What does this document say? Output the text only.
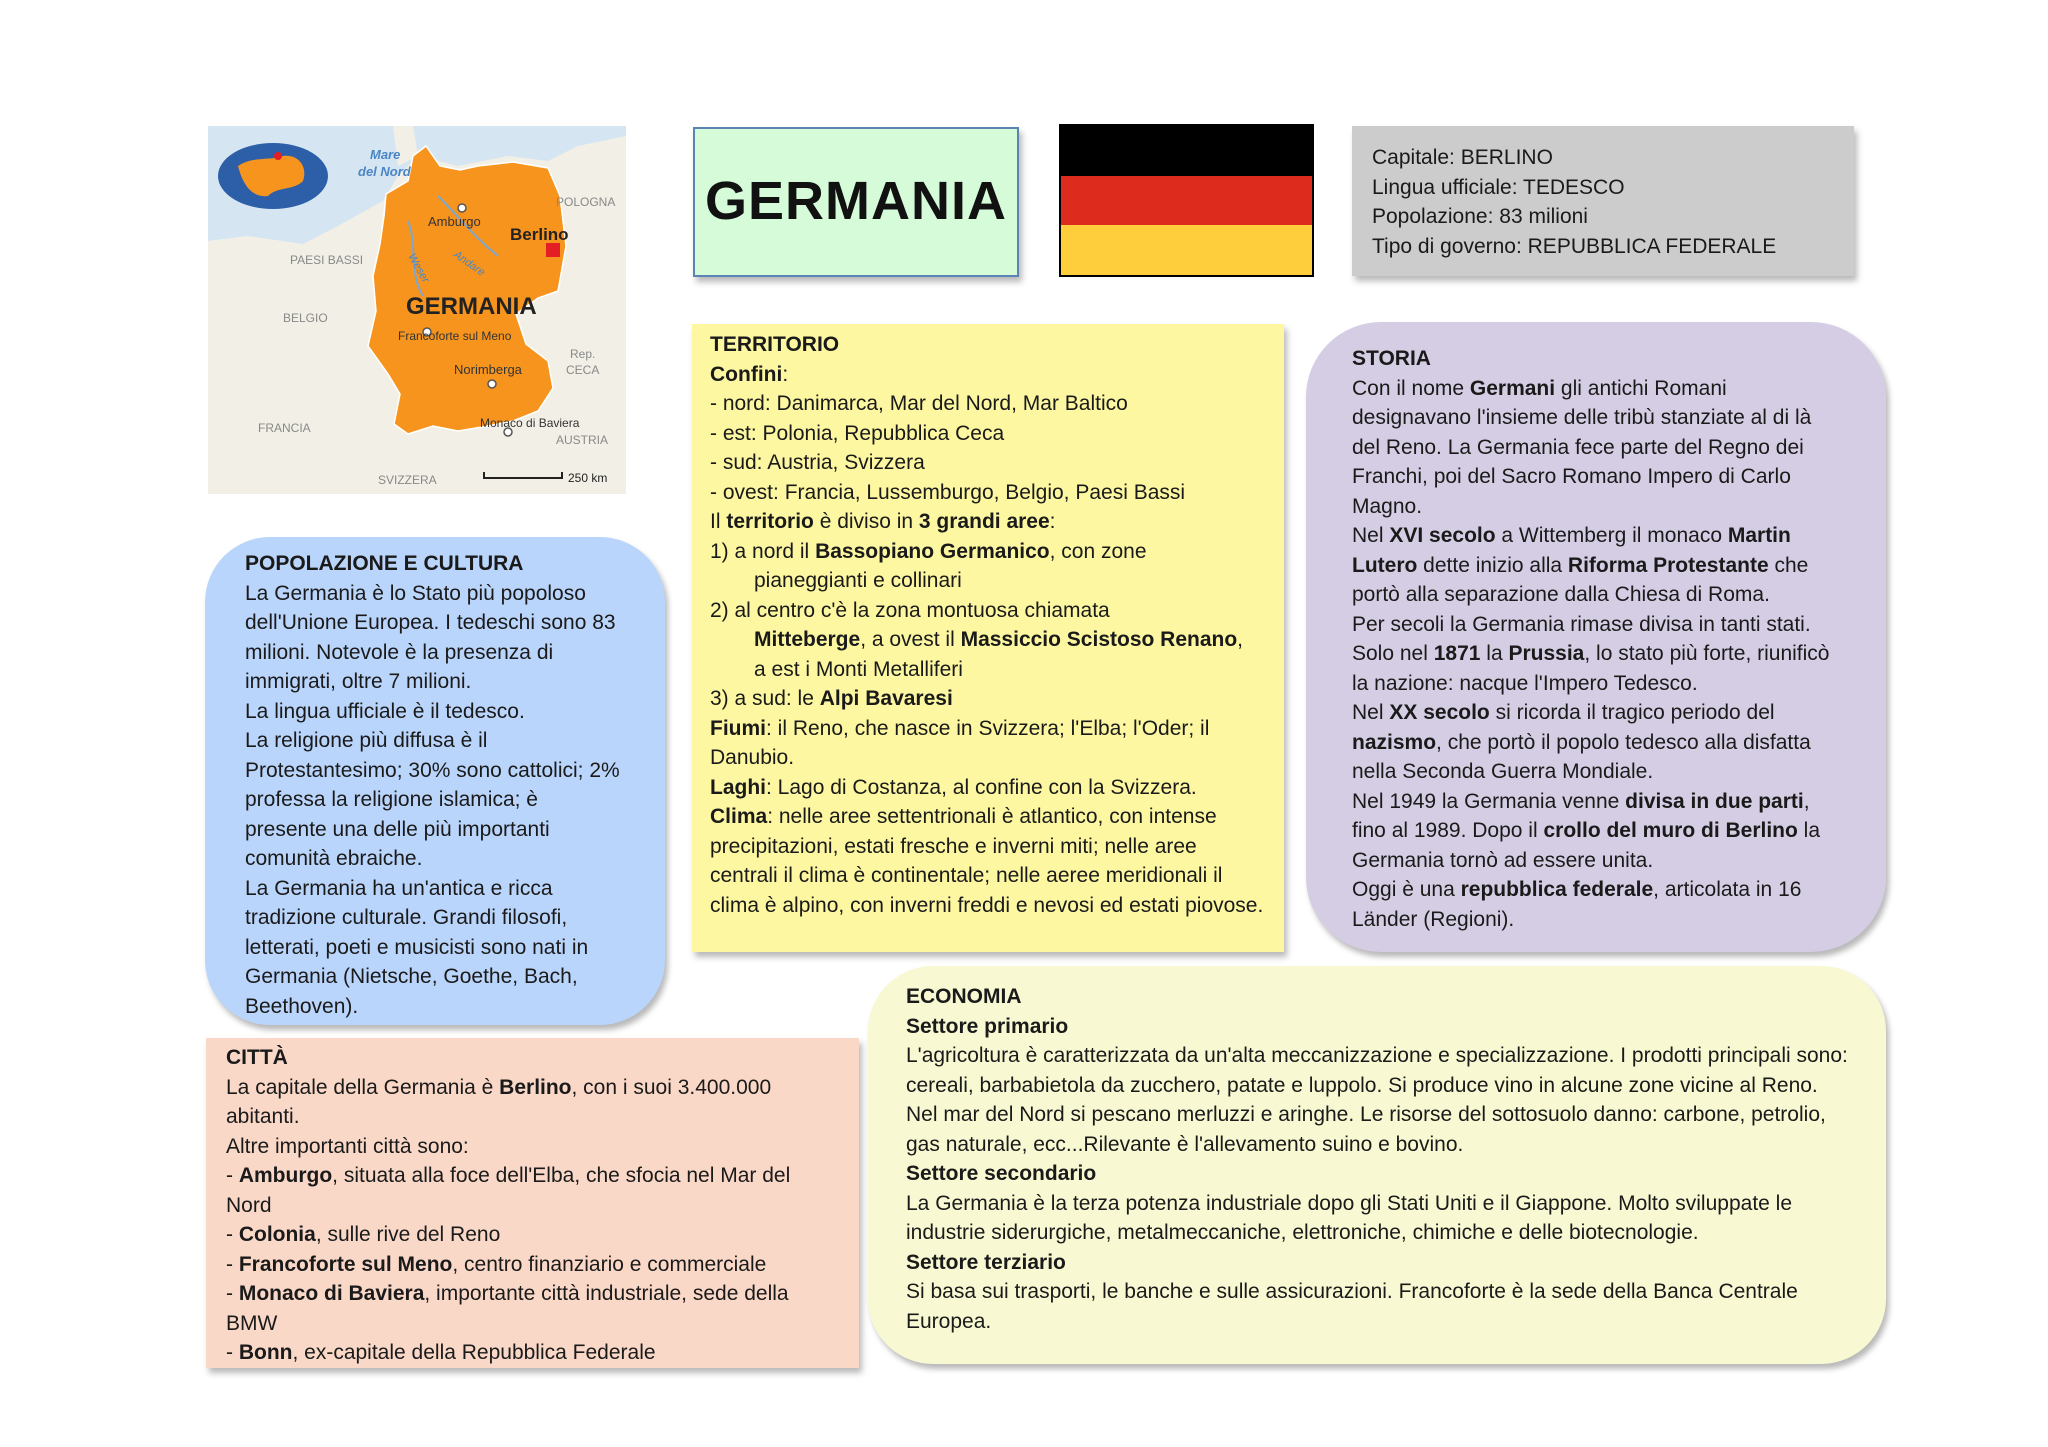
Mare
del Nord
POLOGNA
Amburgo
Berlino
PAESI BASSI	Weser Andare
BELGIO	GERMANIA
Francoforte sul Meno
Rep.
CECA
Norimberga
FRANCIA	Monaco di Baviera
AUSTRIA
SVIZZERA	250 km
GERMANIA

Capitale: BERLINO

Lingua ufficiale: TEDESCO

Popolazione: 83 milioni

Tipo di governo: REPUBBLICA FEDERALE

TERRITORIO

Confini:

- nord: Danimarca, Mar del Nord, Mar Baltico

- est: Polonia, Repubblica Ceca

- sud: Austria, Svizzera

- ovest: Francia, Lussemburgo, Belgio, Paesi Bassi

Il territorio è diviso in 3 grandi aree:

1) a nord il Bassopiano Germanico, con zone

pianeggianti e collinari

2) al centro c'è la zona montuosa chiamata

Mitteberge, a ovest il Massiccio Scistoso Renano,

a est i Monti Metalliferi

3) a sud: le Alpi Bavaresi

Fiumi: il Reno, che nasce in Svizzera; l'Elba; l'Oder; il Danubio.

Laghi: Lago di Costanza, al confine con la Svizzera.

Clima: nelle aree settentrionali è atlantico, con intense precipitazioni, estati fresche e inverni miti; nelle aree centrali il clima è continentale; nelle aeree meridionali il clima è alpino, con inverni freddi e nevosi ed estati piovose.

STORIA

Con il nome Germani gli antichi Romani designavano l'insieme delle tribù stanziate al di là del Reno. La Germania fece parte del Regno dei Franchi, poi del Sacro Romano Impero di Carlo Magno.

Nel XVI secolo a Wittemberg il monaco Martin Lutero dette inizio alla Riforma Protestante che portò alla separazione dalla Chiesa di Roma.

Per secoli la Germania rimase divisa in tanti stati. Solo nel 1871 la Prussia, lo stato più forte, riunificò la nazione: nacque l'Impero Tedesco.

Nel XX secolo si ricorda il tragico periodo del nazismo, che portò il popolo tedesco alla disfatta nella Seconda Guerra Mondiale.

Nel 1949 la Germania venne divisa in due parti, fino al 1989. Dopo il crollo del muro di Berlino la Germania tornò ad essere unita.

Oggi è una repubblica federale, articolata in 16 Länder (Regioni).

POPOLAZIONE E CULTURA

La Germania è lo Stato più popoloso dell'Unione Europea. I tedeschi sono 83 milioni. Notevole è la presenza di immigrati, oltre 7 milioni.

La lingua ufficiale è il tedesco.

La religione più diffusa è il Protestantesimo; 30% sono cattolici; 2% professa la religione islamica; è presente una delle più importanti comunità ebraiche.

La Germania ha un'antica e ricca tradizione culturale. Grandi filosofi, letterati, poeti e musicisti sono nati in Germania (Nietsche, Goethe, Bach, Beethoven).

CITTÀ

La capitale della Germania è Berlino, con i suoi 3.400.000 abitanti.

Altre importanti città sono:

- Amburgo, situata alla foce dell'Elba, che sfocia nel Mar del Nord

- Colonia, sulle rive del Reno

- Francoforte sul Meno, centro finanziario e commerciale

- Monaco di Baviera, importante città industriale, sede della BMW

- Bonn, ex-capitale della Repubblica Federale

ECONOMIA

Settore primario

L'agricoltura è caratterizzata da un'alta meccanizzazione e specializzazione. I prodotti principali sono: cereali, barbabietola da zucchero, patate e luppolo. Si produce vino in alcune zone vicine al Reno. Nel mar del Nord si pescano merluzzi e aringhe. Le risorse del sottosuolo danno: carbone, petrolio, gas naturale, ecc...Rilevante è l'allevamento suino e bovino.

Settore secondario

La Germania è la terza potenza industriale dopo gli Stati Uniti e il Giappone. Molto sviluppate le industrie siderurgiche, metalmeccaniche, elettroniche, chimiche e delle biotecnologie.

Settore terziario

Si basa sui trasporti, le banche e sulle assicurazioni. Francoforte è la sede della Banca Centrale Europea.
